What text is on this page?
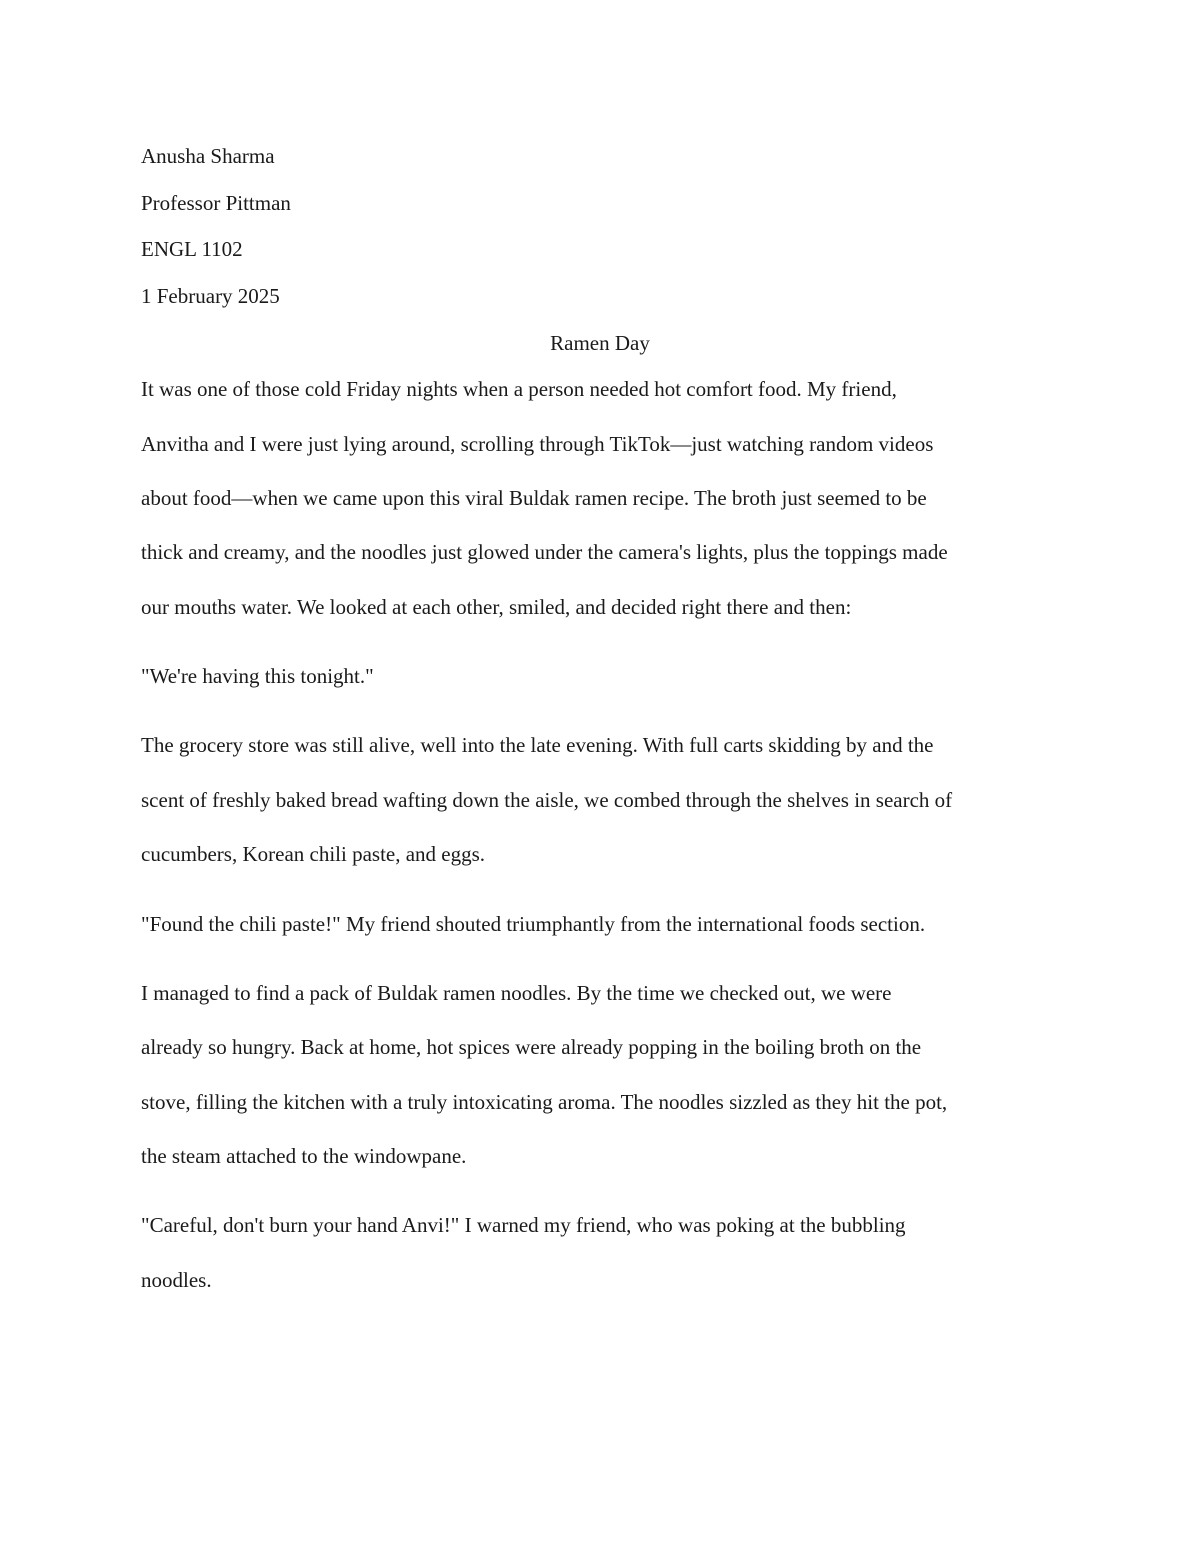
Anusha Sharma
Professor Pittman
ENGL 1102
1 February 2025
Ramen Day
It was one of those cold Friday nights when a person needed hot comfort food. My friend,
Anvitha and I were just lying around, scrolling through TikTok—just watching random videos
about food—when we came upon this viral Buldak ramen recipe. The broth just seemed to be
thick and creamy, and the noodles just glowed under the camera's lights, plus the toppings made
our mouths water. We looked at each other, smiled, and decided right there and then:
"We're having this tonight."
The grocery store was still alive, well into the late evening. With full carts skidding by and the
scent of freshly baked bread wafting down the aisle, we combed through the shelves in search of
cucumbers, Korean chili paste, and eggs.
"Found the chili paste!" My friend shouted triumphantly from the international foods section.
I managed to find a pack of Buldak ramen noodles. By the time we checked out, we were
already so hungry. Back at home, hot spices were already popping in the boiling broth on the
stove, filling the kitchen with a truly intoxicating aroma. The noodles sizzled as they hit the pot,
the steam attached to the windowpane.
"Careful, don't burn your hand Anvi!" I warned my friend, who was poking at the bubbling
noodles.
